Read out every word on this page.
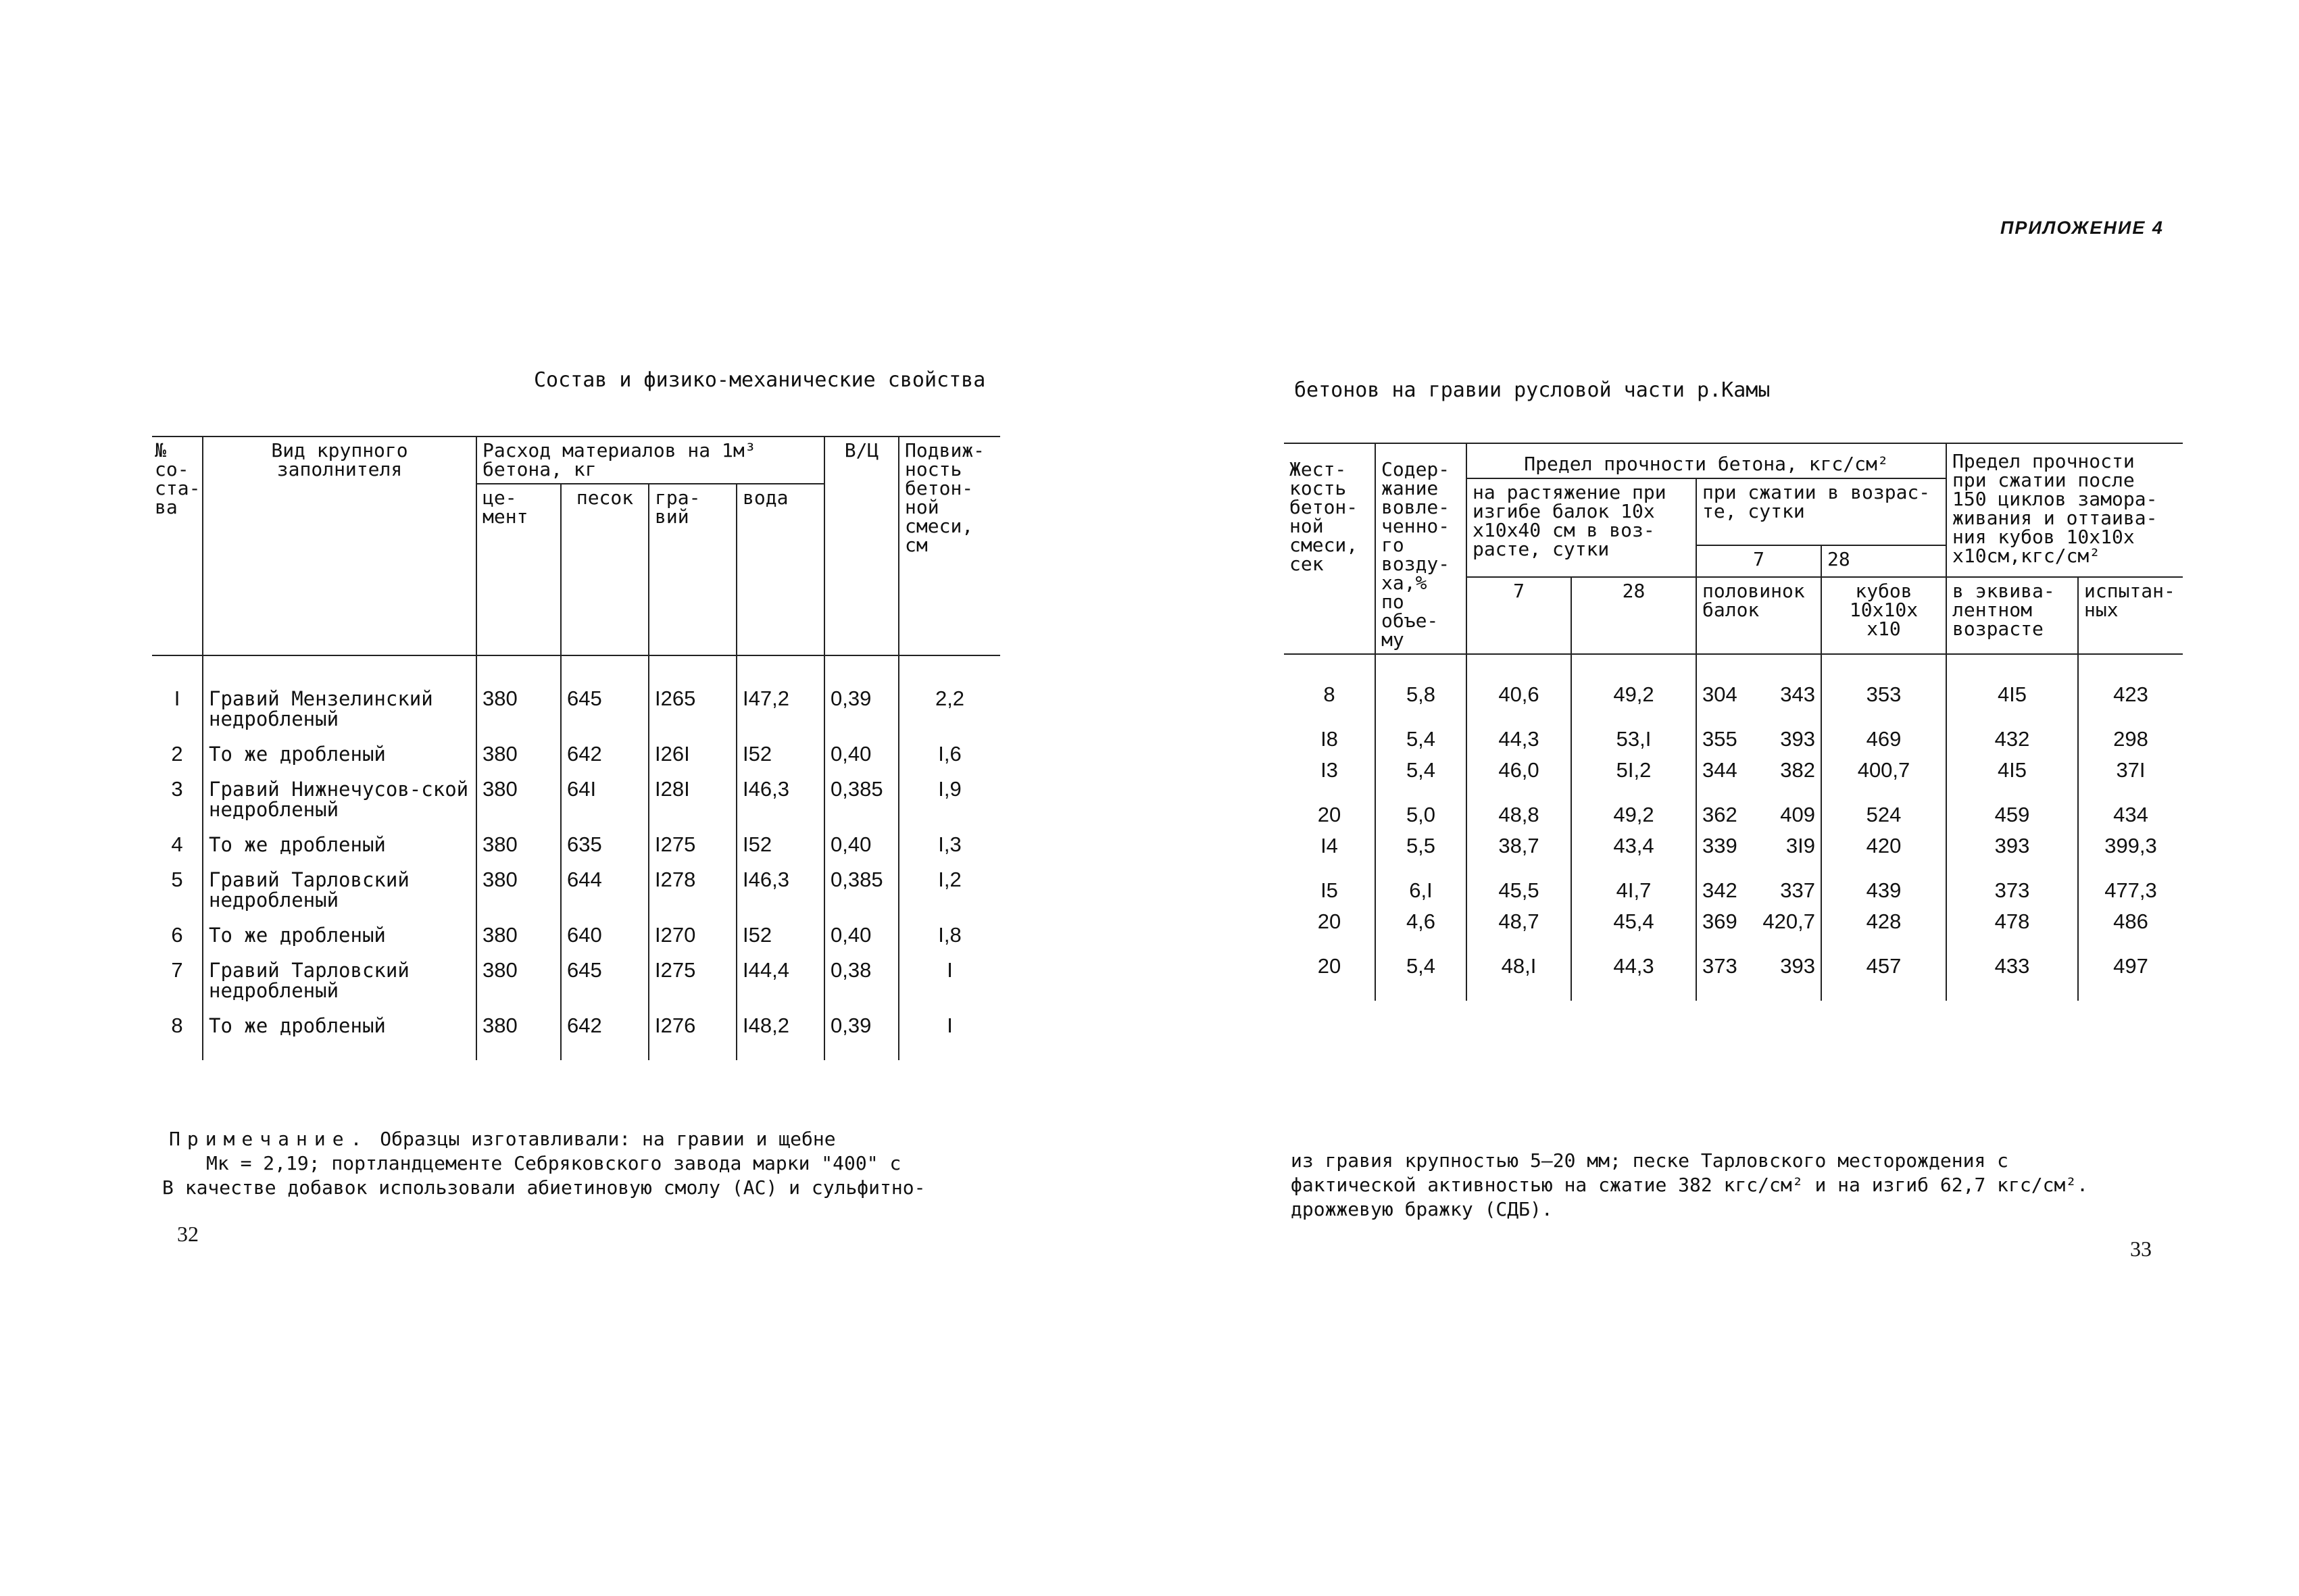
ПРИЛОЖЕНИЕ 4
Состав и физико-механические свойства	бетонов на гравии русловой части р.Камы
№ со-ста-ва	Вид крупного заполнителя	Расход материалов на 1м³ бетона, кг				В/Ц	Подвиж-ность бетон-ной смеси, см
		це-мент	песок	гра-вий	вода		
I	Гравий Мензелинский недробленый	380	645	I265	I47,2	0,39	2,2
2	То же дробленый	380	642	I26I	I52	0,40	I,6
3	Гравий Нижнечусов-ской недробленый	380	64I	I28I	I46,3	0,385	I,9
4	То же дробленый	380	635	I275	I52	0,40	I,3
5	Гравий Тарловский недробленый	380	644	I278	I46,3	0,385	I,2
6	То же дробленый	380	640	I270	I52	0,40	I,8
7	Гравий Тарловский недробленый	380	645	I275	I44,4	0,38	I
8	То же дробленый	380	642	I276	I48,2	0,39	I
Жест-кость бетон-ной смеси, сек	Содер-жание вовле-ченно-го возду-ха,% по объе-му	Предел прочности бетона, кгс/см²				Предел прочности при сжатии после 150 циклов замора-живания и оттаива-ния кубов 10х10х х10см,кгс/см²	
		на растяжение при изгибе балок 10х х10х40 см в воз-расте, сутки		при сжатии в возрас-те, сутки			
				7	28		
		7	28	половинок балок	кубов 10х10х х10	в эквива-лентном возрасте	испытан-ных
8	5,8	40,6	49,2	304 343	353	4I5	423
I8	5,4	44,3	53,I	355 393	469	432	298
I3	5,4	46,0	5I,2	344 382	400,7	4I5	37I
20	5,0	48,8	49,2	362 409	524	459	434
I4	5,5	38,7	43,4	339 3I9	420	393	399,3
I5	6,I	45,5	4I,7	342 337	439	373	477,3
20	4,6	48,7	45,4	369 420,7	428	478	486
20	5,4	48,I	44,3	373 393	457	433	497
Примечание. Образцы изготавливали: на гравии и щебне
Мк = 2,19; портландцементе Себряковского завода марки "400" с
В качестве добавок использовали абиетиновую смолу (АС) и сульфитно-
из гравия крупностью 5–20 мм; песке Тарловского месторождения с
фактической активностью на сжатие 382 кгс/см² и на изгиб 62,7 кгс/см².
дрожжевую бражку (СДБ).
32
33
